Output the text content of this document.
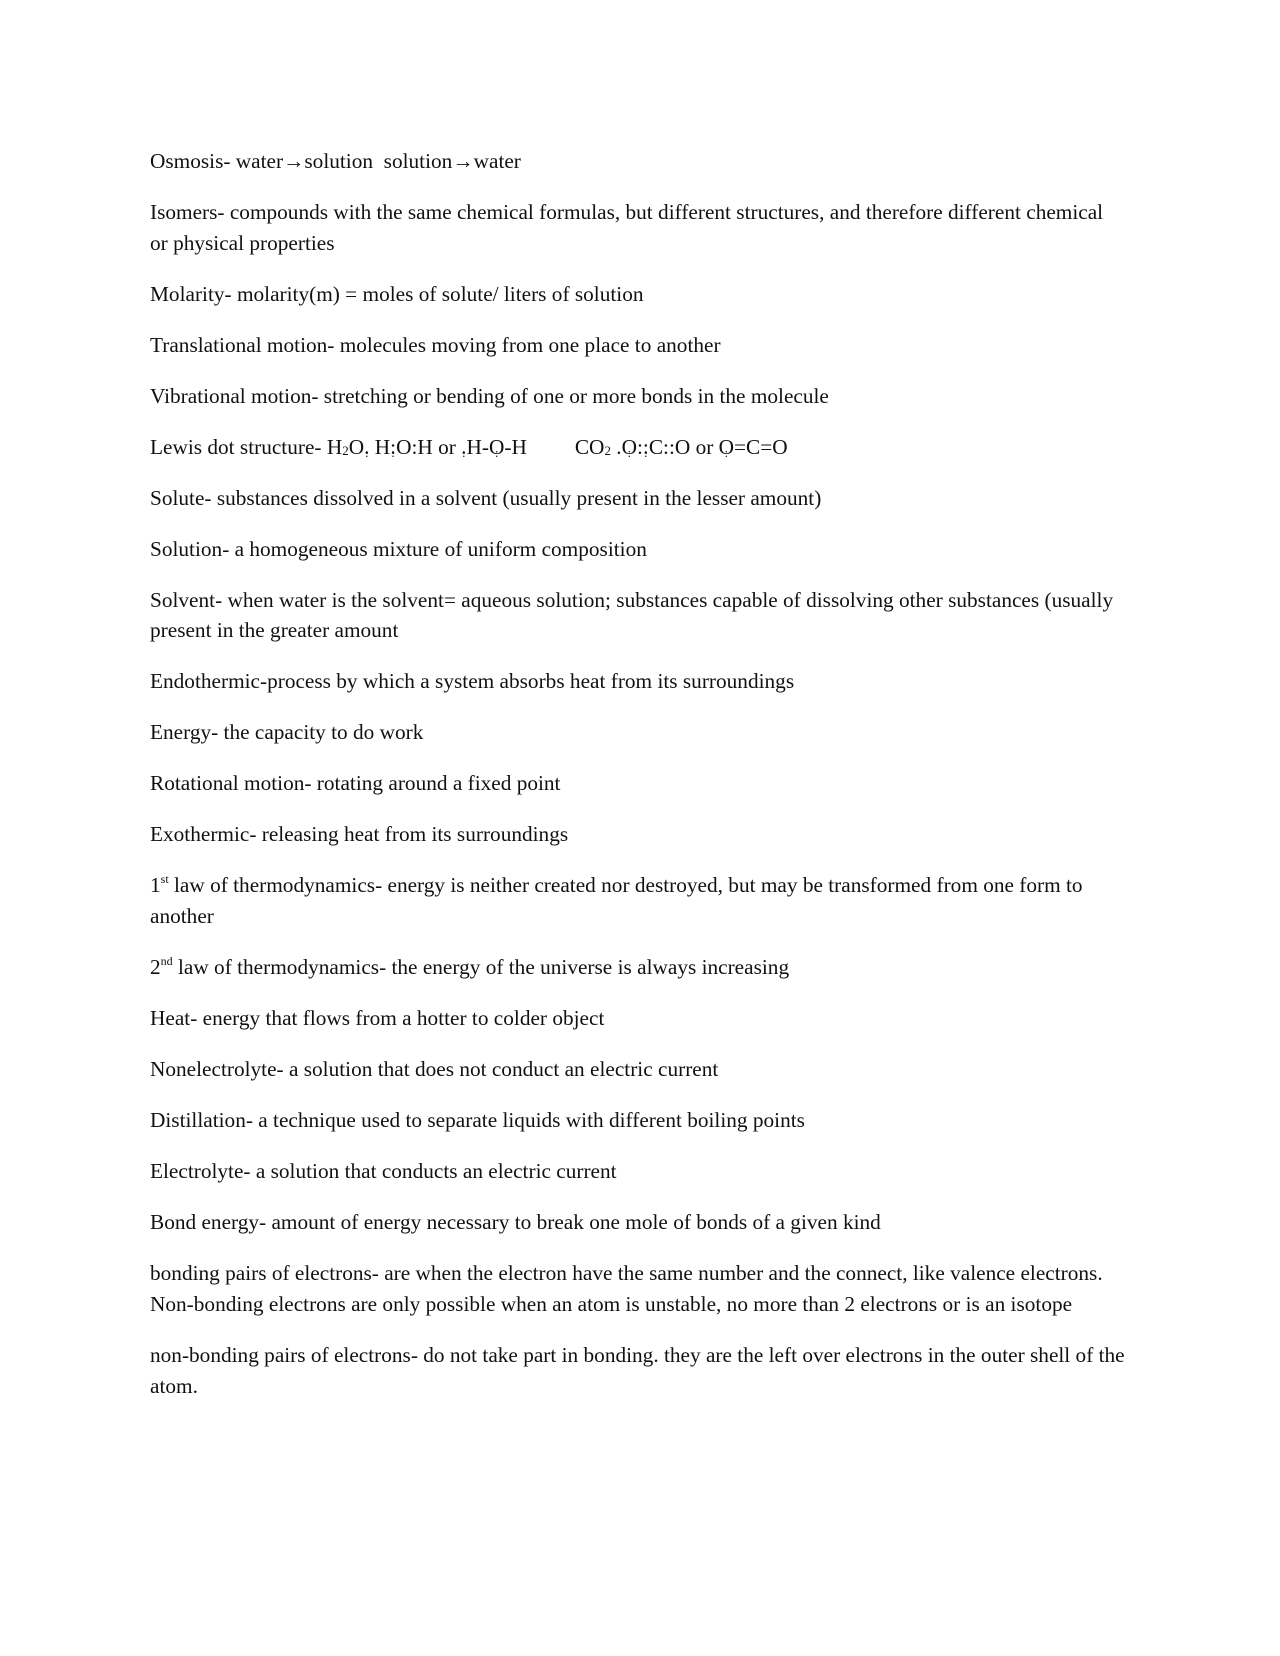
Osmosis- water→solution  solution→water

Isomers- compounds with the same chemical formulas, but different structures, and therefore different chemical or physical properties

Molarity- molarity(m) = moles of solute/ liters of solution

Translational motion- molecules moving from one place to another

Vibrational motion- stretching or bending of one or more bonds in the molecule

Lewis dot structure- $H_2O$. : H: :O:H or . :H-O :-H $CO_2$ .O ::: :C::O or O :=C=O

Solute- substances dissolved in a solvent (usually present in the lesser amount)

Solution- a homogeneous mixture of uniform composition

Solvent- when water is the solvent= aqueous solution; substances capable of dissolving other substances (usually present in the greater amount

Endothermic-process by which a system absorbs heat from its surroundings

Energy- the capacity to do work

Rotational motion- rotating around a fixed point

Exothermic- releasing heat from its surroundings

1st law of thermodynamics- energy is neither created nor destroyed, but may be transformed from one form to another

2nd law of thermodynamics- the energy of the universe is always increasing

Heat- energy that flows from a hotter to colder object

Nonelectrolyte- a solution that does not conduct an electric current

Distillation- a technique used to separate liquids with different boiling points

Electrolyte- a solution that conducts an electric current

Bond energy- amount of energy necessary to break one mole of bonds of a given kind

bonding pairs of electrons- are when the electron have the same number and the connect, like valence electrons. Non-bonding electrons are only possible when an atom is unstable, no more than 2 electrons or is an isotope

non-bonding pairs of electrons- do not take part in bonding. they are the left over electrons in the outer shell of the atom.
